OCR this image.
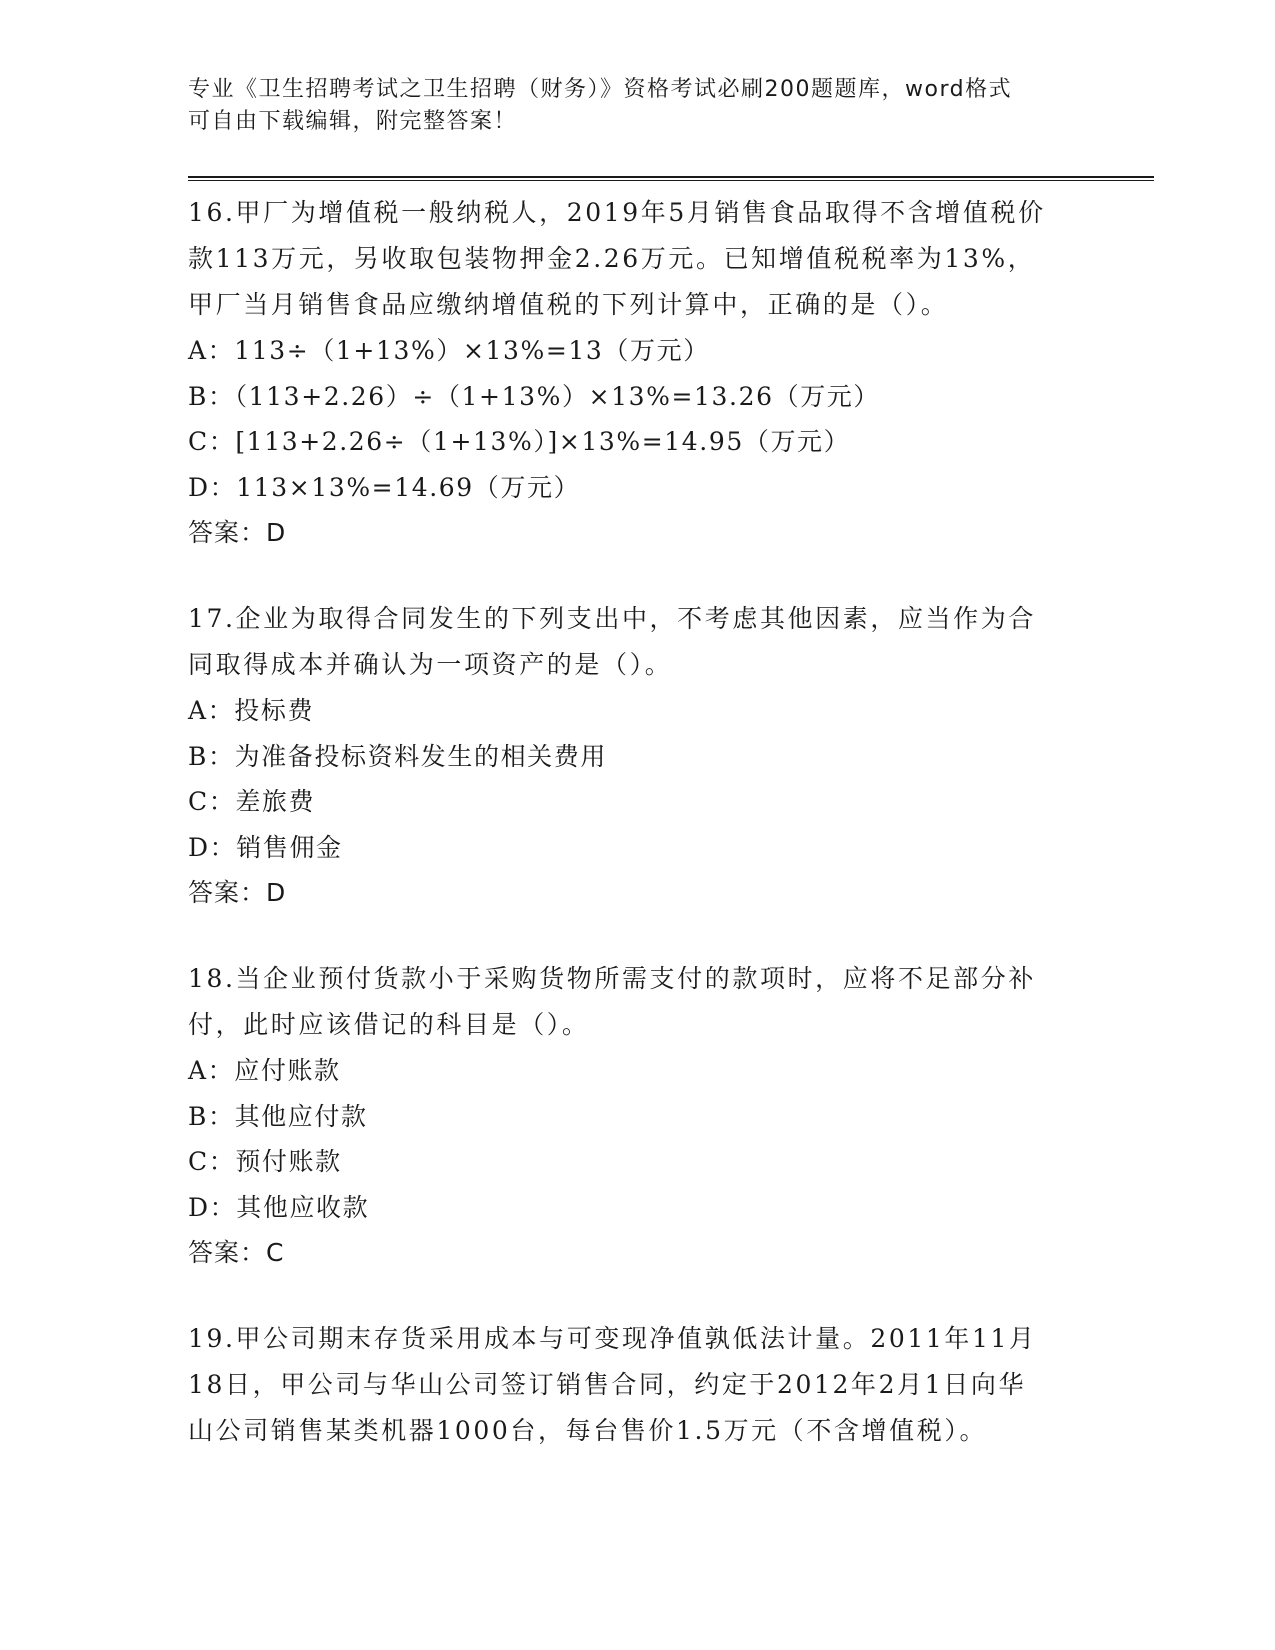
专业《卫生招聘考试之卫生招聘（财务）》资格考试必刷200题题库，word格式
可自由下载编辑，附完整答案！
16.甲厂为增值税一般纳税人，2019年5月销售食品取得不含增值税价
款113万元，另收取包装物押金2.26万元。已知增值税税率为13%，
甲厂当月销售食品应缴纳增值税的下列计算中，正确的是（）。
A：113÷（1+13%）×13%=13（万元）
B：（113+2.26）÷（1+13%）×13%=13.26（万元）
C：[113+2.26÷（1+13%）]×13%=14.95（万元）
D：113×13%=14.69（万元）
答案：D
17.企业为取得合同发生的下列支出中，不考虑其他因素，应当作为合
同取得成本并确认为一项资产的是（）。
A：投标费
B：为准备投标资料发生的相关费用
C：差旅费
D：销售佣金
答案：D
18.当企业预付货款小于采购货物所需支付的款项时，应将不足部分补
付，此时应该借记的科目是（）。
A：应付账款
B：其他应付款
C：预付账款
D：其他应收款
答案：C
19.甲公司期末存货采用成本与可变现净值孰低法计量。2011年11月
18日，甲公司与华山公司签订销售合同，约定于2012年2月1日向华
山公司销售某类机器1000台，每台售价1.5万元（不含增值税）。
